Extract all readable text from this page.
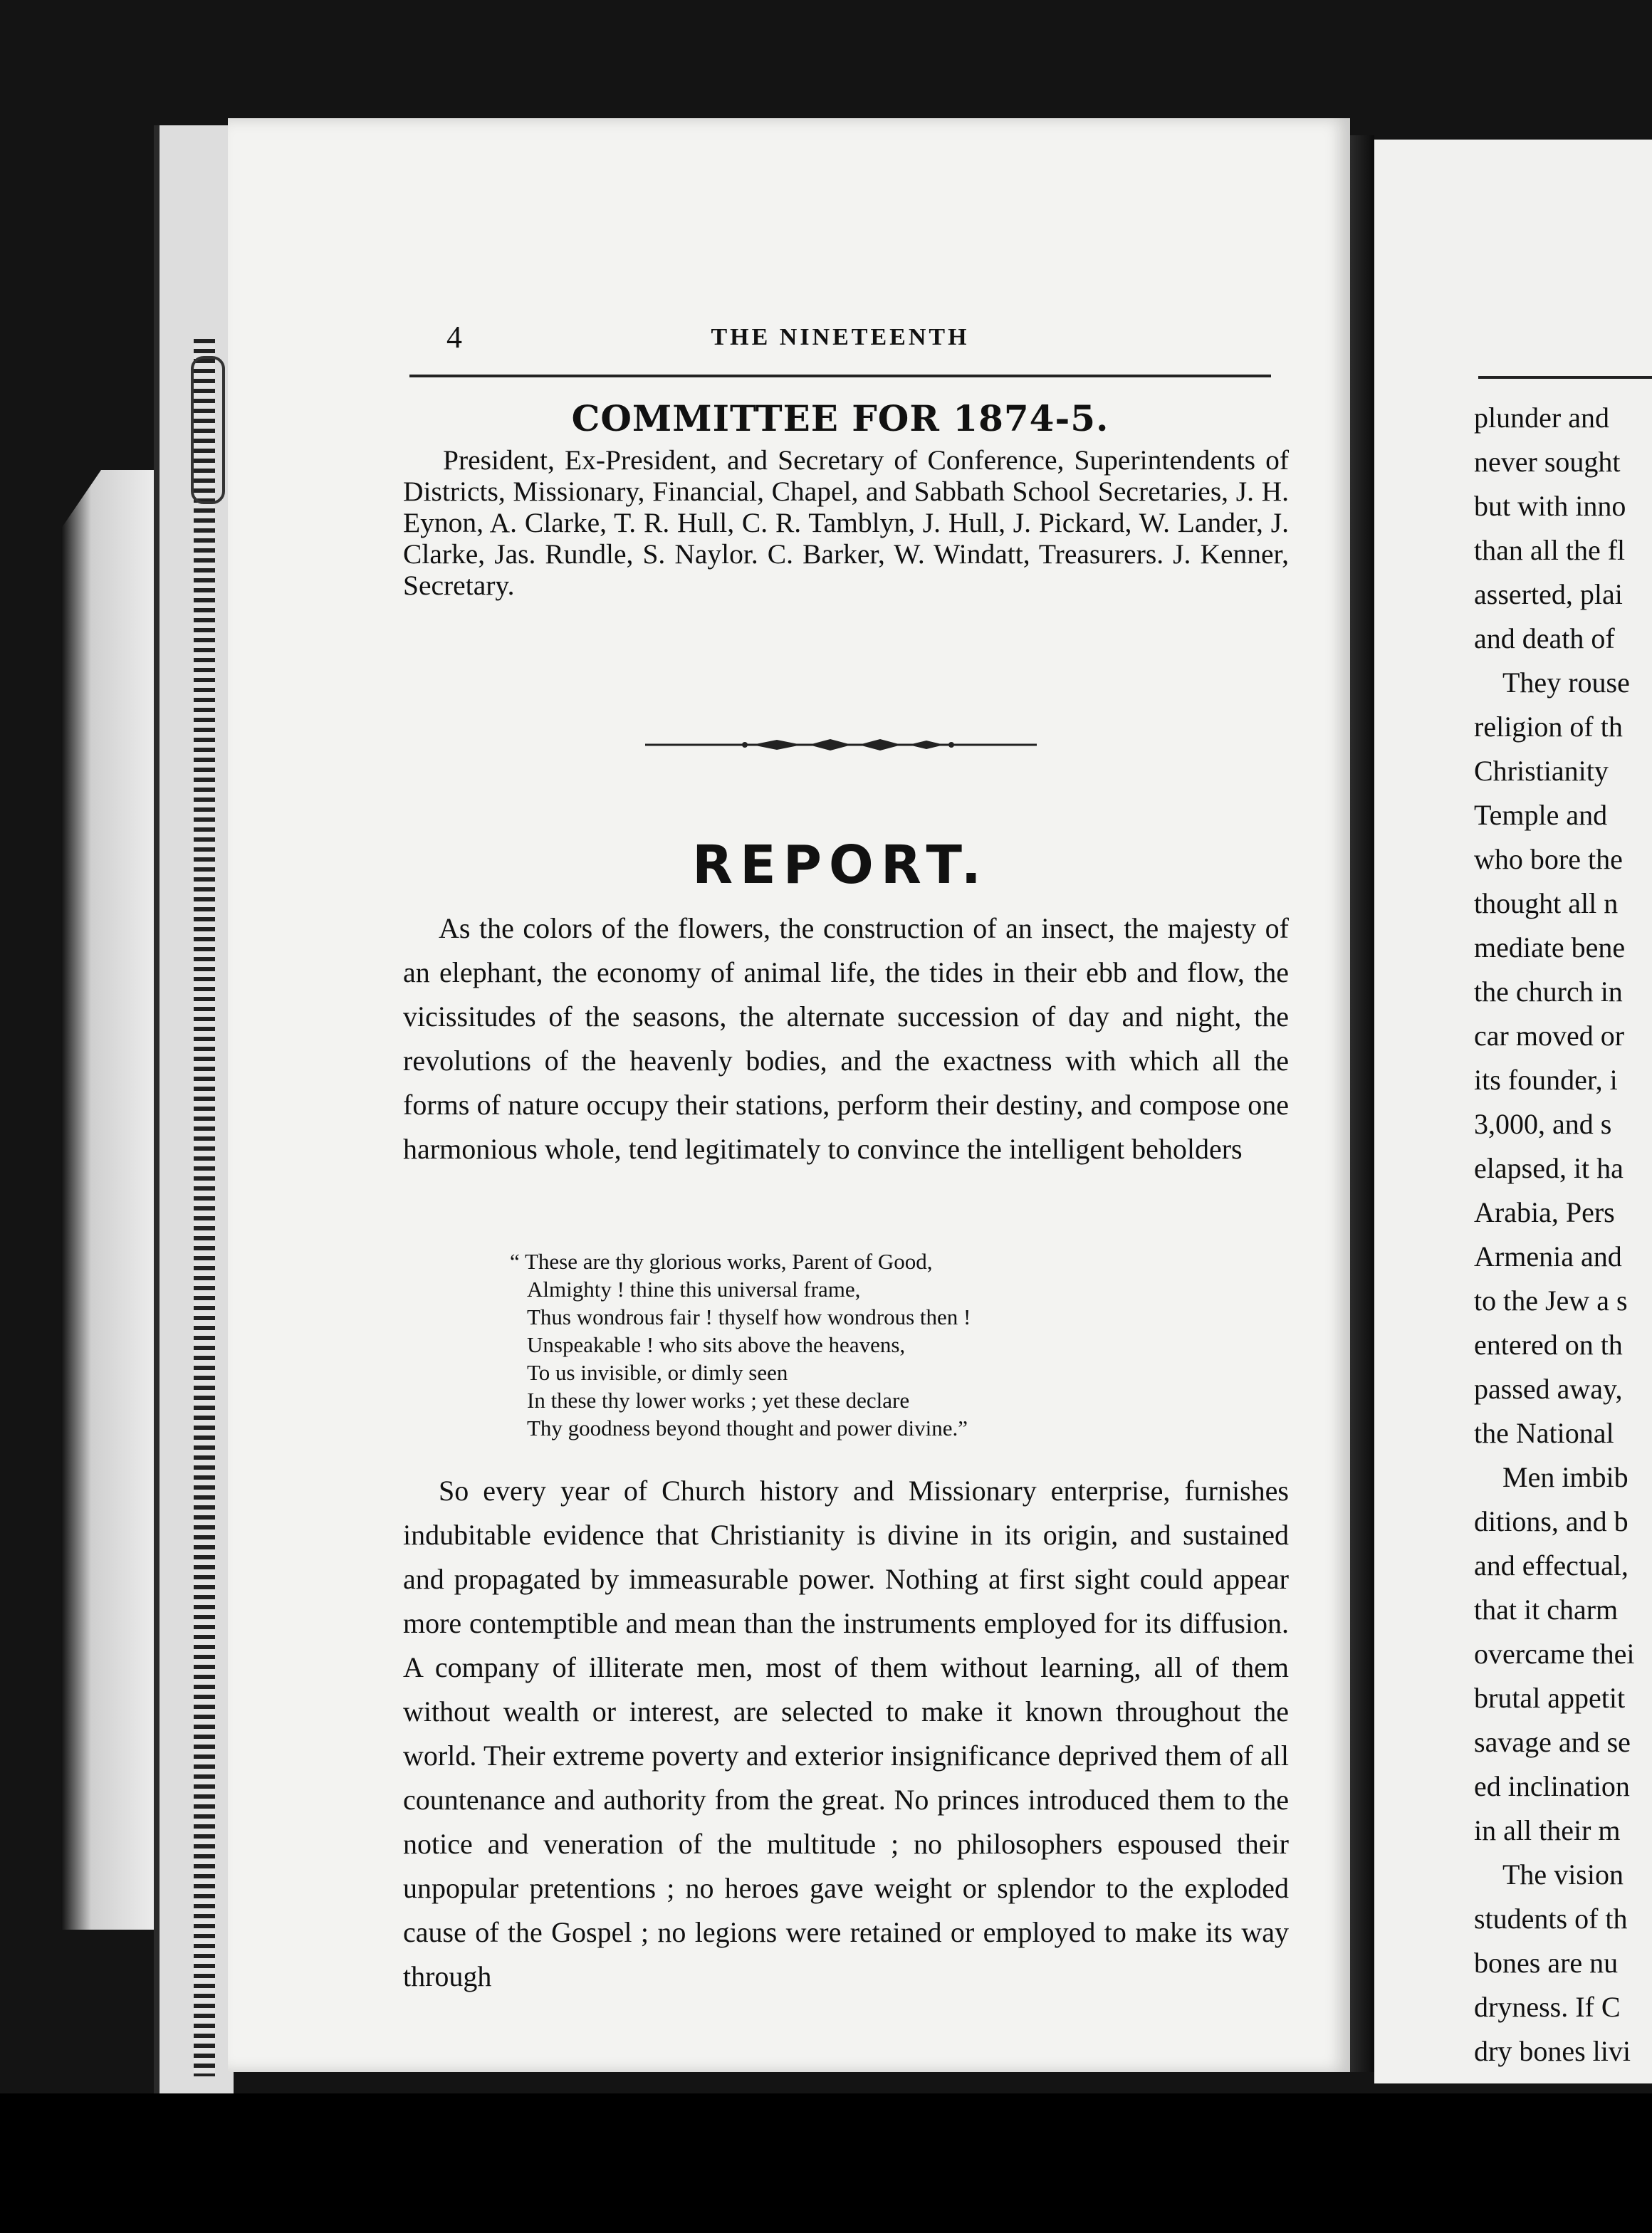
4	THE NINETEENTH
COMMITTEE FOR 1874-5.

President, Ex-President, and Secretary of Conference, Superintendents of Districts, Missionary, Financial, Chapel, and Sabbath School Secretaries, J. H. Eynon, A. Clarke, T. R. Hull, C. R. Tamblyn, J. Hull, J. Pickard, W. Lander, J. Clarke, Jas. Rundle, S. Naylor. C. Barker, W. Windatt, Treasurers. J. Kenner, Secretary.

REPORT.

As the colors of the flowers, the construction of an insect, the majesty of an elephant, the economy of animal life, the tides in their ebb and flow, the vicissitudes of the seasons, the alternate succession of day and night, the revolutions of the heavenly bodies, and the exactness with which all the forms of nature occupy their stations, perform their destiny, and compose one harmonious whole, tend legitimately to convince the intelligent beholders

“ These are thy glorious works, Parent of Good,
Almighty ! thine this universal frame,
Thus wondrous fair ! thyself how wondrous then !
Unspeakable ! who sits above the heavens,
To us invisible, or dimly seen
In these thy lower works ; yet these declare
Thy goodness beyond thought and power divine.”

So every year of Church history and Missionary enterprise, furnishes indubitable evidence that Christianity is divine in its origin, and sustained and propagated by immeasurable power. Nothing at first sight could appear more contemptible and mean than the instruments employed for its diffusion. A company of illiterate men, most of them without learning, all of them without wealth or interest, are selected to make it known throughout the world. Their extreme poverty and exterior insignificance deprived them of all countenance and authority from the great. No princes introduced them to the notice and veneration of the multitude ; no philosophers espoused their unpopular pretentions ; no heroes gave weight or splendor to the exploded cause of the Gospel ; no legions were retained or employed to make its way through

plunder and
never sought
but with inno
than all the fl
asserted, plai
and death of
They rouse
religion of th
Christianity
Temple and
who bore the
thought all n
mediate bene
the church in
car moved or
its founder, i
3,000, and s
elapsed, it ha
Arabia, Pers
Armenia and
to the Jew a s
entered on th
passed away,
the National
Men imbib
ditions, and b
and effectual,
that it charm
overcame thei
brutal appetit
savage and se
ed inclination
in all their m
The vision
students of th
bones are nu
dryness. If C
dry bones livi
